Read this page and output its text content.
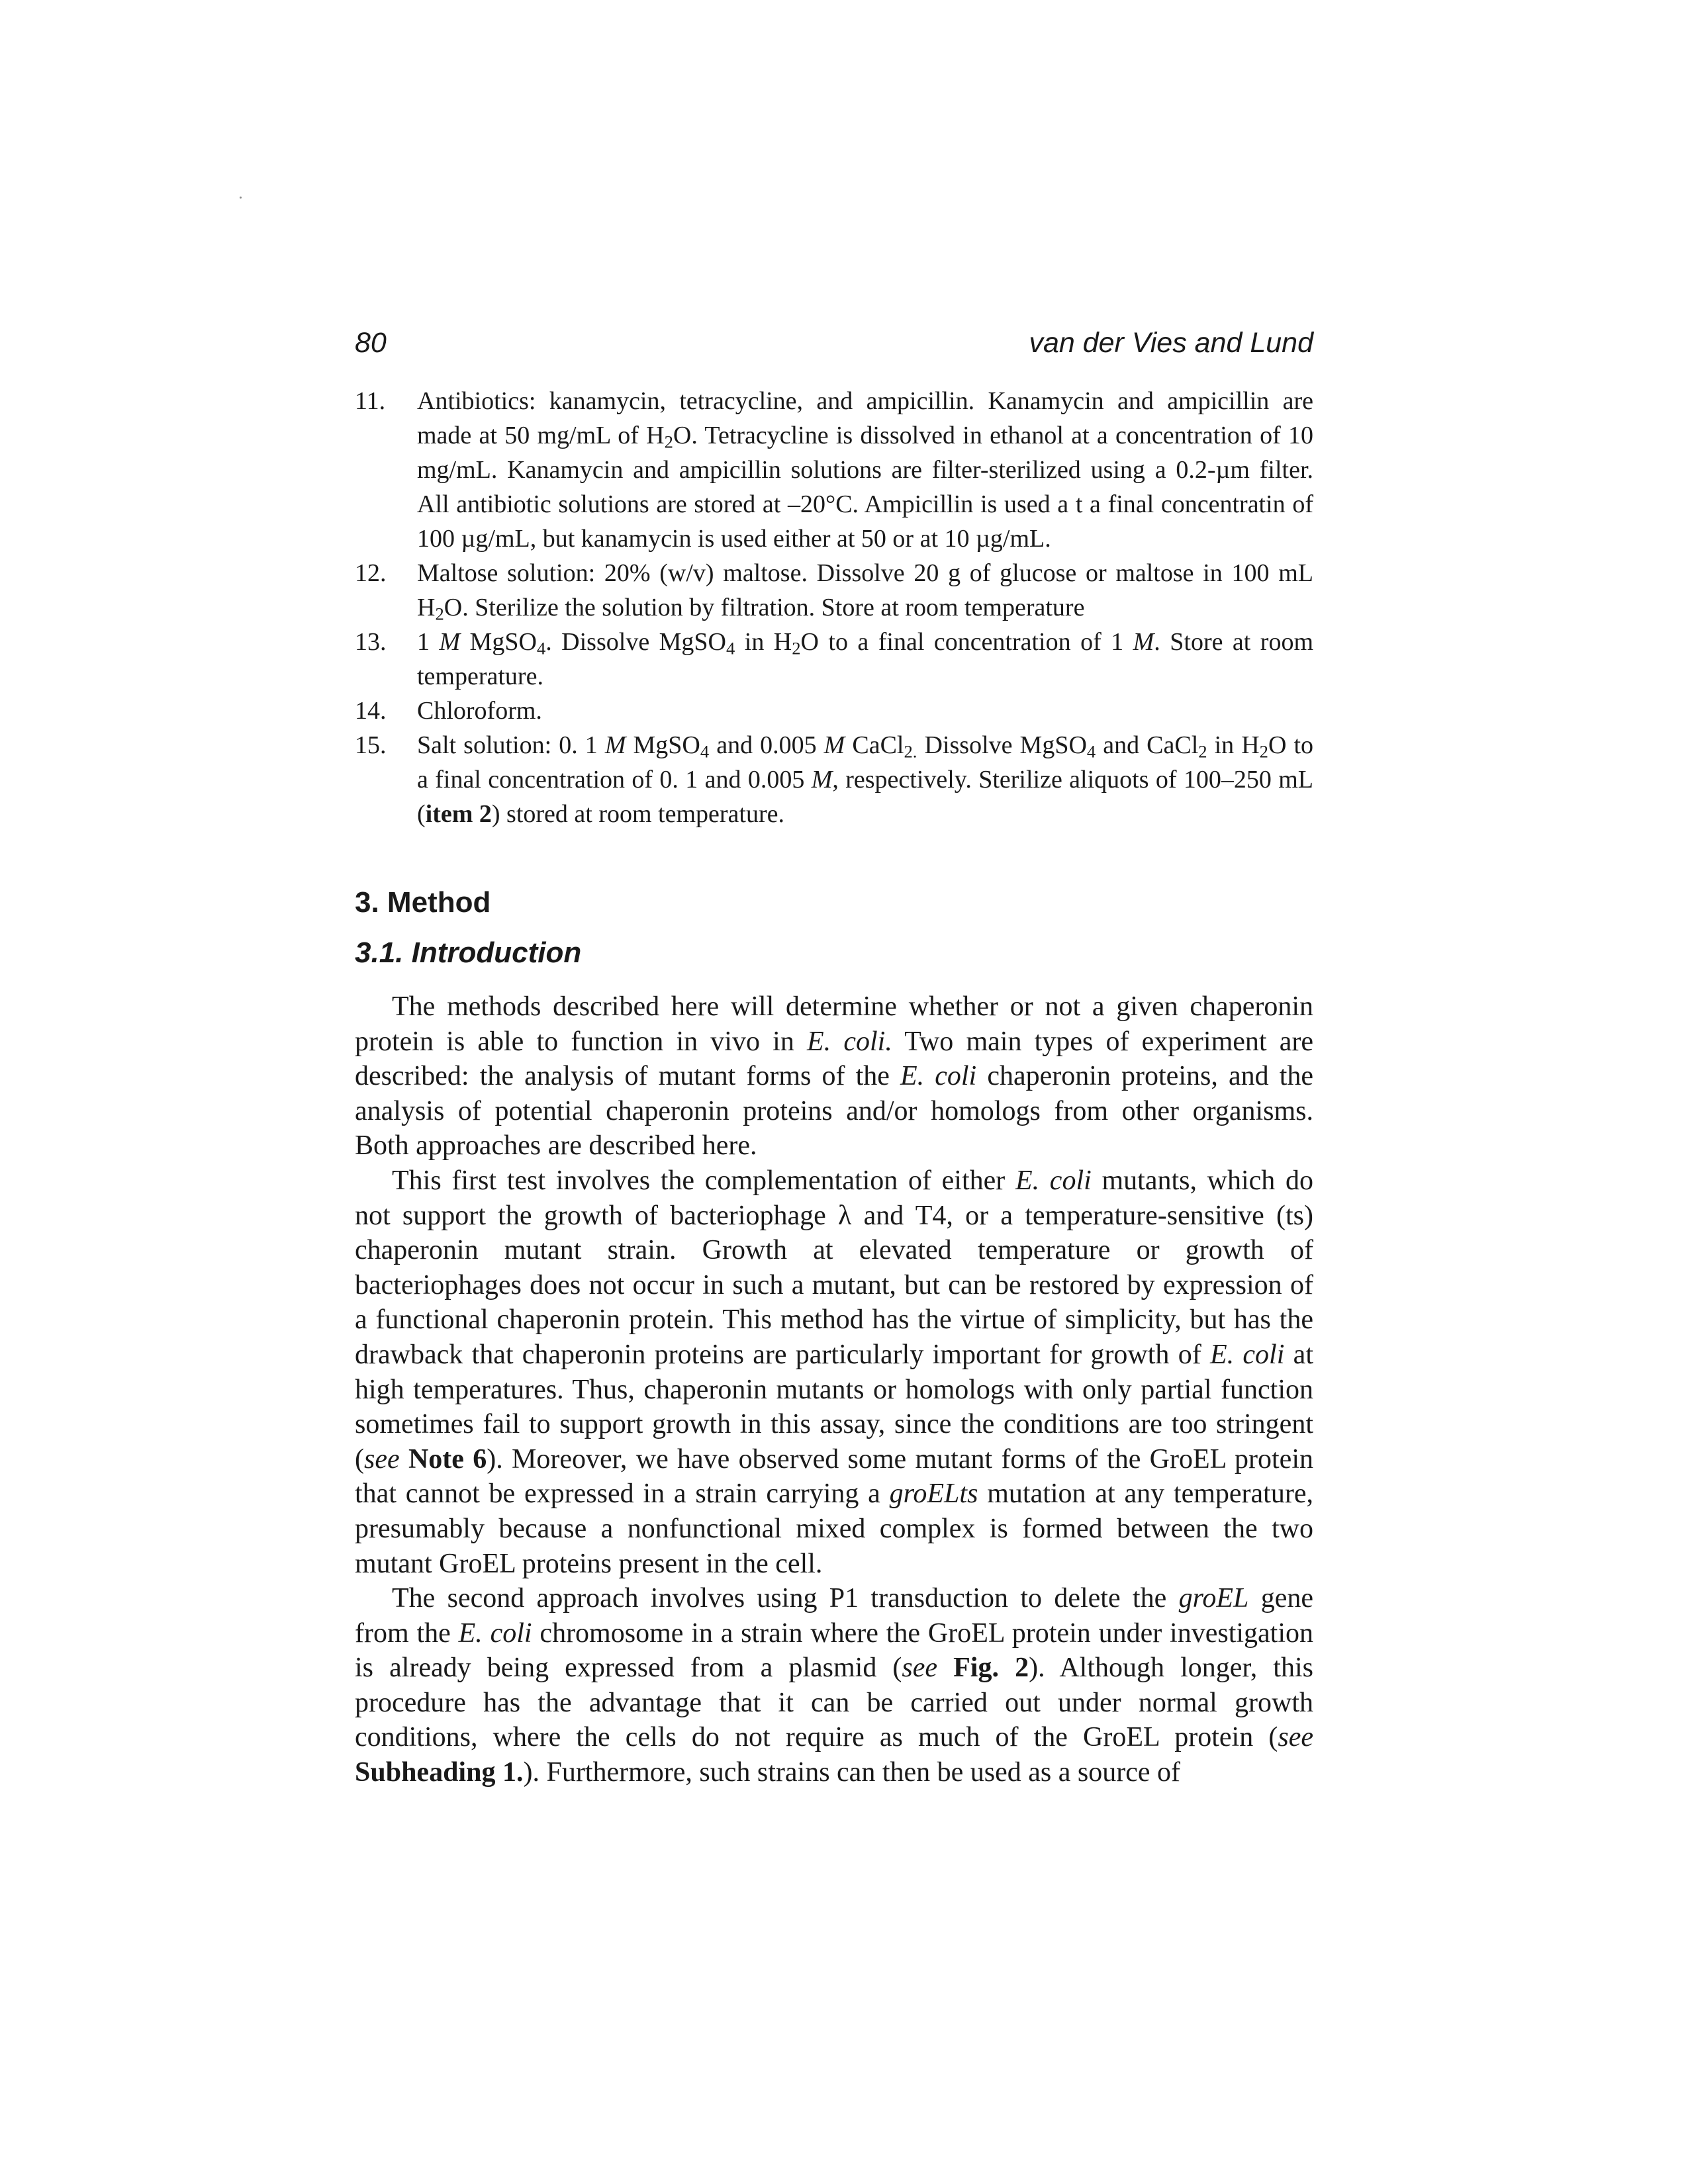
80	van der Vies and Lund
11. Antibiotics: kanamycin, tetracycline, and ampicillin. Kanamycin and ampicillin are made at 50 mg/mL of $H_2O$. Tetracycline is dissolved in ethanol at a concentration of 10 mg/mL. Kanamycin and ampicillin solutions are filter-sterilized using a 0.2-µm filter. All antibiotic solutions are stored at –20°C. Ampicillin is used a t a final concentratin of 100 µg/mL, but kanamycin is used either at 50 or at 10 µg/mL.
12. Maltose solution: 20% (w/v) maltose. Dissolve 20 g of glucose or maltose in 100 mL $H_2O$. Sterilize the solution by filtration. Store at room temperature
13. 1 M MgSO$_4$. Dissolve MgSO$_4$ in $H_2O$ to a final concentration of 1 M. Store at room temperature.
14. Chloroform.
15. Salt solution: 0. 1 M MgSO$_4$ and 0.005 M CaCl$_{2.}$ Dissolve MgSO$_4$ and CaCl$_2$ in $H_2O$ to a final concentration of 0. 1 and 0.005 M, respectively. Sterilize aliquots of 100–250 mL (item 2) stored at room temperature.
3. Method
3.1. Introduction

The methods described here will determine whether or not a given chaperonin protein is able to function in vivo in E. coli. Two main types of experiment are described: the analysis of mutant forms of the E. coli chaperonin proteins, and the analysis of potential chaperonin proteins and/or homologs from other organisms. Both approaches are described here.

This first test involves the complementation of either E. coli mutants, which do not support the growth of bacteriophage λ and T4, or a temperature-sensitive (ts) chaperonin mutant strain. Growth at elevated temperature or growth of bacteriophages does not occur in such a mutant, but can be restored by expression of a functional chaperonin protein. This method has the virtue of simplicity, but has the drawback that chaperonin proteins are particularly important for growth of E. coli at high temperatures. Thus, chaperonin mutants or homologs with only partial function sometimes fail to support growth in this assay, since the conditions are too stringent (see Note 6). Moreover, we have observed some mutant forms of the GroEL protein that cannot be expressed in a strain carrying a groELts mutation at any temperature, presumably because a nonfunctional mixed complex is formed between the two mutant GroEL proteins present in the cell.

The second approach involves using P1 transduction to delete the groEL gene from the E. coli chromosome in a strain where the GroEL protein under investigation is already being expressed from a plasmid (see Fig. 2). Although longer, this procedure has the advantage that it can be carried out under normal growth conditions, where the cells do not require as much of the GroEL protein (see Subheading 1.). Furthermore, such strains can then be used as a source of
